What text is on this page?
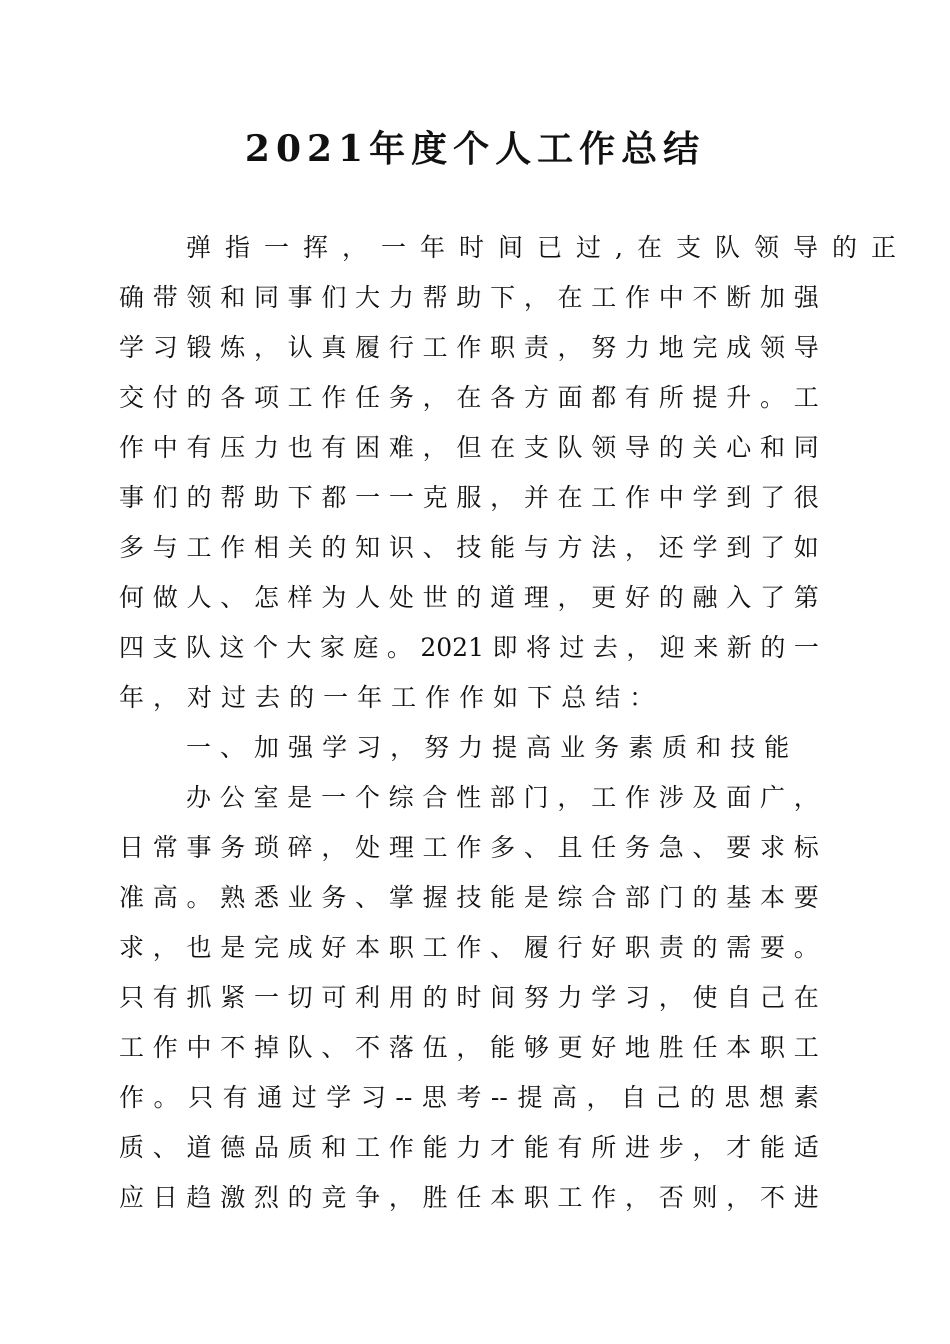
2021年度个人工作总结
弹 指 一 挥 ， 一 年 时 间 已 过 , 在 支 队 领 导 的 正
确 带 领 和 同 事 们 大 力 帮 助 下 ， 在 工 作 中 不 断 加 强
学 习 锻 炼 ， 认 真 履 行 工 作 职 责 ， 努 力 地 完 成 领 导
交 付 的 各 项 工 作 任 务 ， 在 各 方 面 都 有 所 提 升 。 工
作 中 有 压 力 也 有 困 难 ， 但 在 支 队 领 导 的 关 心 和 同
事 们 的 帮 助 下 都 一 一 克 服 ， 并 在 工 作 中 学 到 了 很
多 与 工 作 相 关 的 知 识 、 技 能 与 方 法 ， 还 学 到 了 如
何 做 人 、 怎 样 为 人 处 世 的 道 理 ， 更 好 的 融 入 了 第
四 支 队 这 个 大 家 庭 。 2021 即 将 过 去 ， 迎 来 新 的 一
年 ， 对 过 去 的 一 年 工 作 作 如 下 总 结 ：
一 、 加 强 学 习 ， 努 力 提 高 业 务 素 质 和 技 能
办 公 室 是 一 个 综 合 性 部 门 ， 工 作 涉 及 面 广 ，
日 常 事 务 琐 碎 ， 处 理 工 作 多 、 且 任 务 急 、 要 求 标
准 高 。 熟 悉 业 务 、 掌 握 技 能 是 综 合 部 门 的 基 本 要
求 ， 也 是 完 成 好 本 职 工 作 、 履 行 好 职 责 的 需 要 。
只 有 抓 紧 一 切 可 利 用 的 时 间 努 力 学 习 ， 使 自 己 在
工 作 中 不 掉 队 、 不 落 伍 ， 能 够 更 好 地 胜 任 本 职 工
作 。 只 有 通 过 学 习 -- 思 考 -- 提 高 ， 自 己 的 思 想 素
质 、 道 德 品 质 和 工 作 能 力 才 能 有 所 进 步 ， 才 能 适
应 日 趋 激 烈 的 竞 争 ， 胜 任 本 职 工 作 ， 否 则 ， 不 进
